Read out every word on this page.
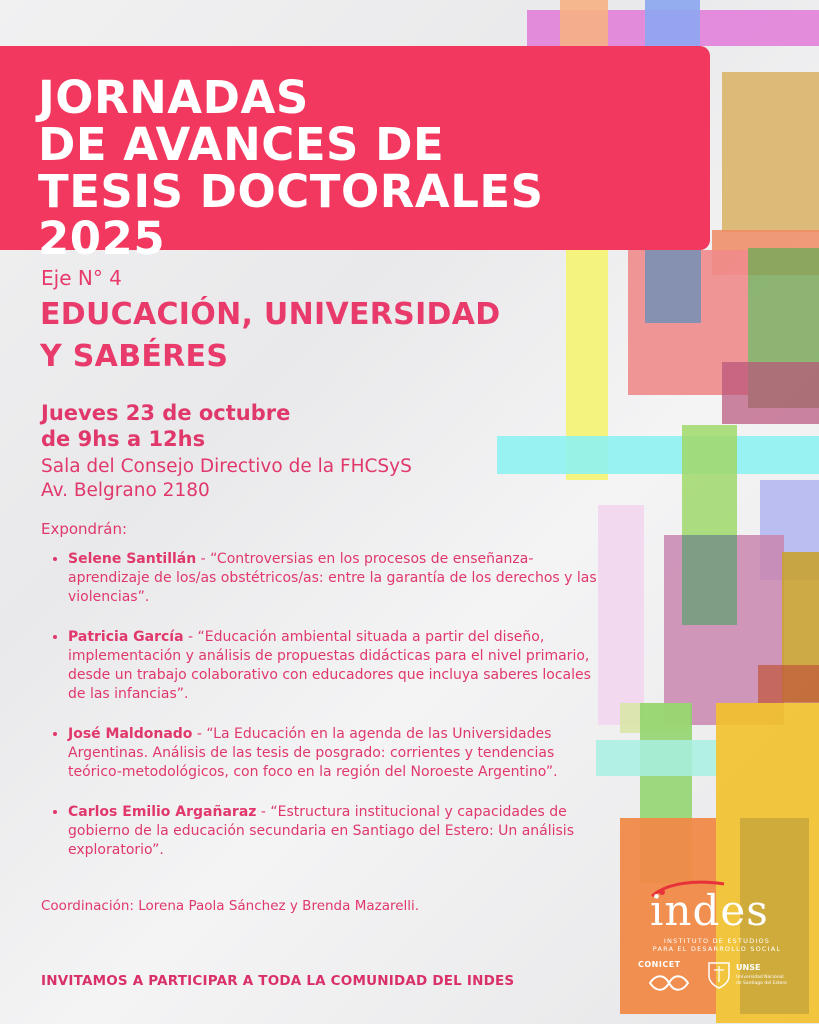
JORNADAS
DE AVANCES DE
TESIS DOCTORALES 2025

Eje N° 4

EDUCACIÓN, UNIVERSIDAD
Y SABÉRES

Jueves 23 de octubre
de 9hs a 12hs

Sala del Consejo Directivo de la FHCSyS
Av. Belgrano 2180

Expondrán:

• Selene Santillán - “Controversias en los procesos de enseñanza-aprendizaje de los/as obstétricos/as: entre la garantía de los derechos y las violencias”.
• Patricia García - “Educación ambiental situada a partir del diseño, implementación y análisis de propuestas didácticas para el nivel primario, desde un trabajo colaborativo con educadores que incluya saberes locales de las infancias”.
• José Maldonado - “La Educación en la agenda de las Universidades Argentinas. Análisis de las tesis de posgrado: corrientes y tendencias teórico-metodológicos, con foco en la región del Noroeste Argentino”.
• Carlos Emilio Argañaraz - “Estructura institucional y capacidades de gobierno de la educación secundaria en Santiago del Estero: Un análisis exploratorio”.

Coordinación: Lorena Paola Sánchez y Brenda Mazarelli.

INVITAMOS A PARTICIPAR A TODA LA COMUNIDAD DEL INDES

indes

INSTITUTO DE ESTUDIOS
PARA EL DESARROLLO SOCIAL

CONICET	UNSE

Universidad Nacional
de Santiago del Estero
